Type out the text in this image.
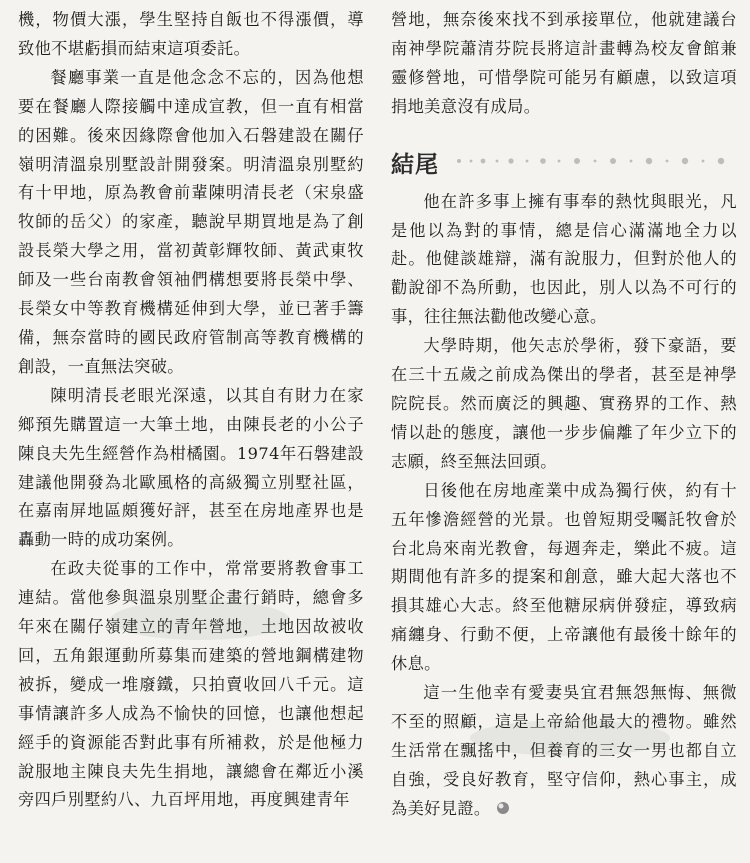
機，物價大漲，學生堅持自飯也不得漲價，導致他不堪虧損而結束這項委託。

餐廳事業一直是他念念不忘的，因為他想要在餐廳人際接觸中達成宣教，但一直有相當的困難。後來因緣際會他加入石磐建設在關仔嶺明清溫泉別墅設計開發案。明清溫泉別墅約有十甲地，原為教會前輩陳明清長老（宋泉盛牧師的岳父）的家產，聽說早期買地是為了創設長榮大學之用，當初黃彰輝牧師、黃武東牧師及一些台南教會領袖們構想要將長榮中學、長榮女中等教育機構延伸到大學，並已著手籌備，無奈當時的國民政府管制高等教育機構的創設，一直無法突破。

陳明清長老眼光深遠，以其自有財力在家鄉預先購置這一大筆土地，由陳長老的小公子陳良夫先生經營作為柑橘園。1974年石磐建設建議他開發為北歐風格的高級獨立別墅社區，在嘉南屏地區頗獲好評，甚至在房地產界也是轟動一時的成功案例。

在政夫從事的工作中，常常要將教會事工連結。當他參與溫泉別墅企畫行銷時，總會多年來在關仔嶺建立的青年營地，土地因故被收回，五角銀運動所募集而建築的營地鋼構建物被拆，變成一堆廢鐵，只拍賣收回八千元。這事情讓許多人成為不愉快的回憶，也讓他想起經手的資源能否對此事有所補救，於是他極力說服地主陳良夫先生捐地，讓總會在鄰近小溪旁四戶別墅約八、九百坪用地，再度興建青年

營地，無奈後來找不到承接單位，他就建議台南神學院蕭清芬院長將這計畫轉為校友會館兼靈修營地，可惜學院可能另有顧慮，以致這項捐地美意沒有成局。

結尾

他在許多事上擁有事奉的熱忱與眼光，凡是他以為對的事情，總是信心滿滿地全力以赴。他健談雄辯，滿有說服力，但對於他人的勸說卻不為所動，也因此，別人以為不可行的事，往往無法勸他改變心意。

大學時期，他矢志於學術，發下豪語，要在三十五歲之前成為傑出的學者，甚至是神學院院長。然而廣泛的興趣、實務界的工作、熱情以赴的態度，讓他一步步偏離了年少立下的志願，終至無法回頭。

日後他在房地產業中成為獨行俠，約有十五年慘澹經營的光景。也曾短期受囑託牧會於台北烏來南光教會，每週奔走，樂此不疲。這期間他有許多的提案和創意，雖大起大落也不損其雄心大志。終至他糖尿病併發症，導致病痛纏身、行動不便，上帝讓他有最後十餘年的休息。

這一生他幸有愛妻吳宜君無怨無悔、無微不至的照顧，這是上帝給他最大的禮物。雖然生活常在飄搖中，但養育的三女一男也都自立自強，受良好教育，堅守信仰，熱心事主，成為美好見證。
